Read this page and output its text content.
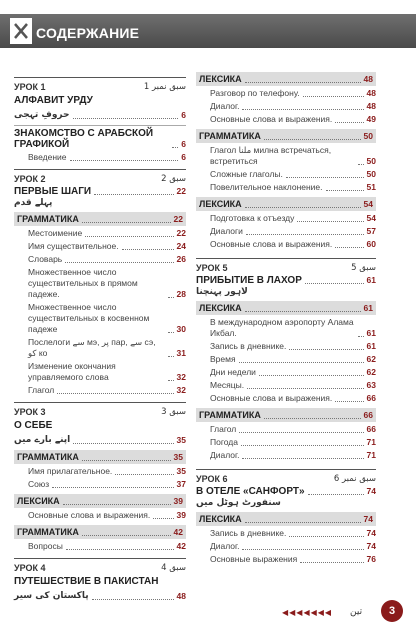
СОДЕРЖАНИЕ
УРОК 1	سبق نمبر 1
АЛФАВИТ УРДУ
حروفِ تہجی	6
ЗНАКОМСТВО С АРАБСКОЙ ГРАФИКОЙ	6
Введение	6
УРОК 2	سبق 2
ПЕРВЫЕ ШАГИ	22
پہلے قدم
ГРАММАТИКА	22
Местоимение	22
Имя существительное.	24
Словарь	26
Множественное число существительных в прямом падеже.	28
Множественное число существительных в косвенном падеже	30
Послелоги ‌سے‌ мэ, پر пар, سے сэ, کو ко	31
Изменение окончания управляемого слова	32
Глагол	32
УРОК 3	سبق 3
О СЕБЕ
اپنے بارے میں	35
ГРАММАТИКА	35
Имя прилагательное.	35
Союз	37
ЛЕКСИКА	39
Основные слова и выражения.	39
ГРАММАТИКА	42
Вопросы	42
УРОК 4	سبق 4
ПУТЕШЕСТВИЕ В ПАКИСТАН
پاکستان کی سیر	48
ЛЕКСИКА	48
Разговор по телефону.	48
Диалог.	48
Основные слова и выражения.	49
ГРАММАТИКА	50
Глагол ملنا милна встречаться, встретиться	50
Сложные глаголы.	50
Повелительное наклонение.	51
ЛЕКСИКА	54
Подготовка к отъезду	54
Диалоги	57
Основные слова и выражения.	60
УРОК 5	سبق 5
ПРИБЫТИЕ В ЛАХОР	61
لاہور پہنچنا
ЛЕКСИКА	61
В международном аэропорту Алама Икбал.	61
Запись в дневнике.	61
Время	62
Дни недели	62
Месяцы.	63
Основные слова и выражения.	66
ГРАММАТИКА	66
Глагол	66
Погода	71
Диалог.	71
УРОК 6	سبق نمبر 6
В ОТЕЛЕ «САНФОРТ»	74
سنفورٹ ہوٹل میں
ЛЕКСИКА	74
Запись в дневнике.	74
Диалог.	74
Основные выражения	76
◀◀◀◀◀◀◀ تین	3
